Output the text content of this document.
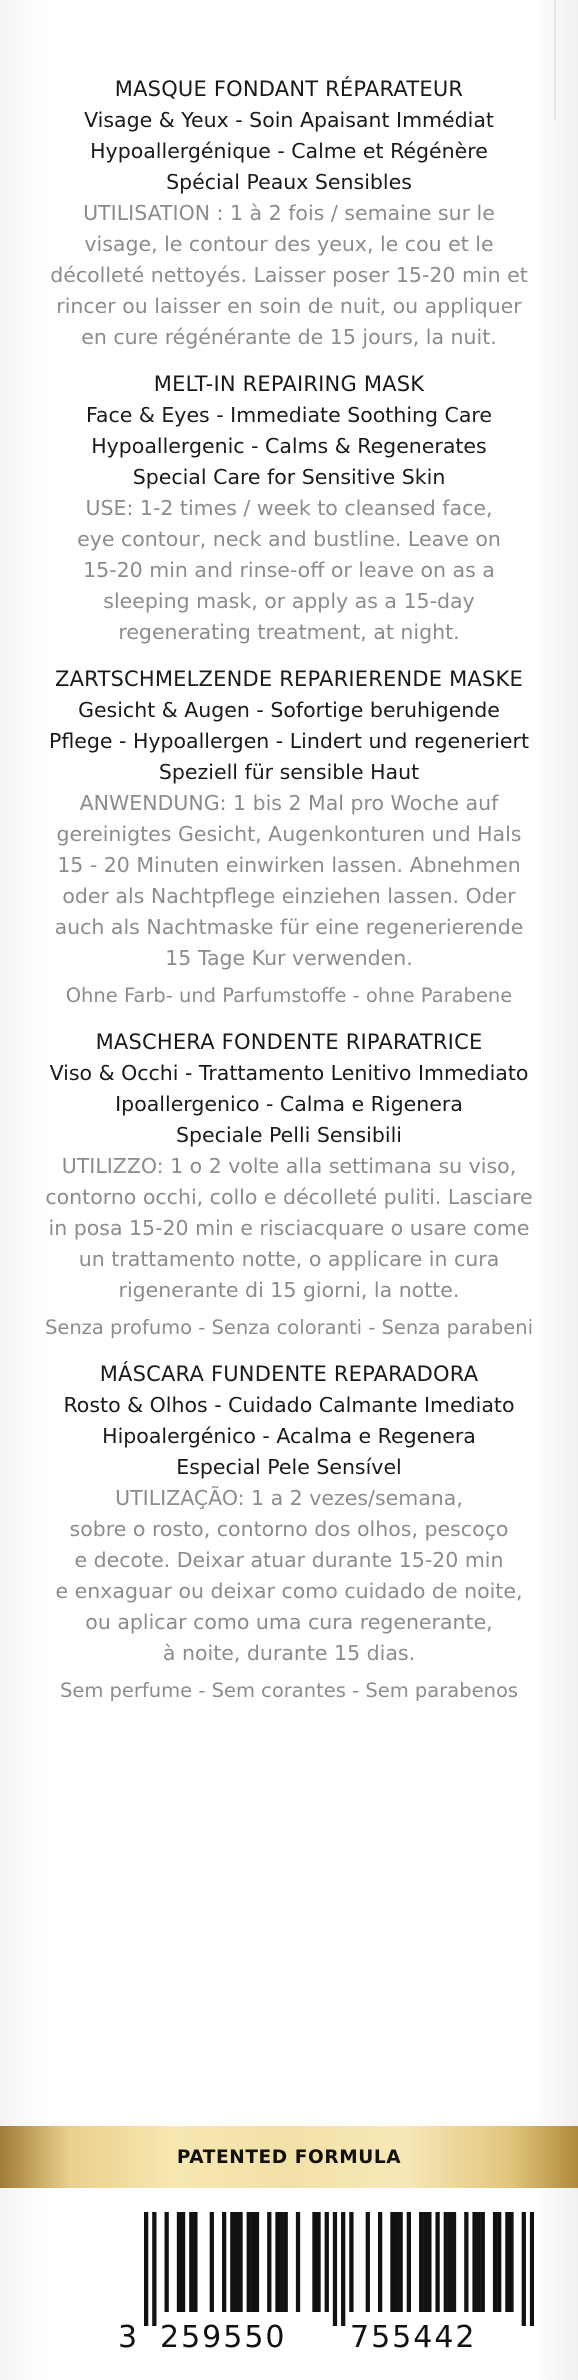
MASQUE FONDANT RÉPARATEUR
Visage & Yeux - Soin Apaisant Immédiat
Hypoallergénique - Calme et Régénère
Spécial Peaux Sensibles
UTILISATION : 1 à 2 fois / semaine sur le
visage, le contour des yeux, le cou et le
décolleté nettoyés. Laisser poser 15-20 min et
rincer ou laisser en soin de nuit, ou appliquer
en cure régénérante de 15 jours, la nuit.
MELT-IN REPAIRING MASK
Face & Eyes - Immediate Soothing Care
Hypoallergenic - Calms & Regenerates
Special Care for Sensitive Skin
USE: 1-2 times / week to cleansed face,
eye contour, neck and bustline. Leave on
15-20 min and rinse-off or leave on as a
sleeping mask, or apply as a 15-day
regenerating treatment, at night.
ZARTSCHMELZENDE REPARIERENDE MASKE
Gesicht & Augen - Sofortige beruhigende
Pflege - Hypoallergen - Lindert und regeneriert
Speziell für sensible Haut
ANWENDUNG: 1 bis 2 Mal pro Woche auf
gereinigtes Gesicht, Augenkonturen und Hals
15 - 20 Minuten einwirken lassen. Abnehmen
oder als Nachtpflege einziehen lassen. Oder
auch als Nachtmaske für eine regenerierende
15 Tage Kur verwenden.
Ohne Farb- und Parfumstoffe - ohne Parabene
MASCHERA FONDENTE RIPARATRICE
Viso & Occhi - Trattamento Lenitivo Immediato
Ipoallergenico - Calma e Rigenera
Speciale Pelli Sensibili
UTILIZZO: 1 o 2 volte alla settimana su viso,
contorno occhi, collo e décolleté puliti. Lasciare
in posa 15-20 min e risciacquare o usare come
un trattamento notte, o applicare in cura
rigenerante di 15 giorni, la notte.
Senza profumo - Senza coloranti - Senza parabeni
MÁSCARA FUNDENTE REPARADORA
Rosto & Olhos - Cuidado Calmante Imediato
Hipoalergénico - Acalma e Regenera
Especial Pele Sensível
UTILIZAÇÃO: 1 a 2 vezes/semana,
sobre o rosto, contorno dos olhos, pescoço
e decote. Deixar atuar durante 15-20 min
e enxaguar ou deixar como cuidado de noite,
ou aplicar como uma cura regenerante,
à noite, durante 15 dias.
Sem perfume - Sem corantes - Sem parabenos
PATENTED FORMULA
3 259550 755442
